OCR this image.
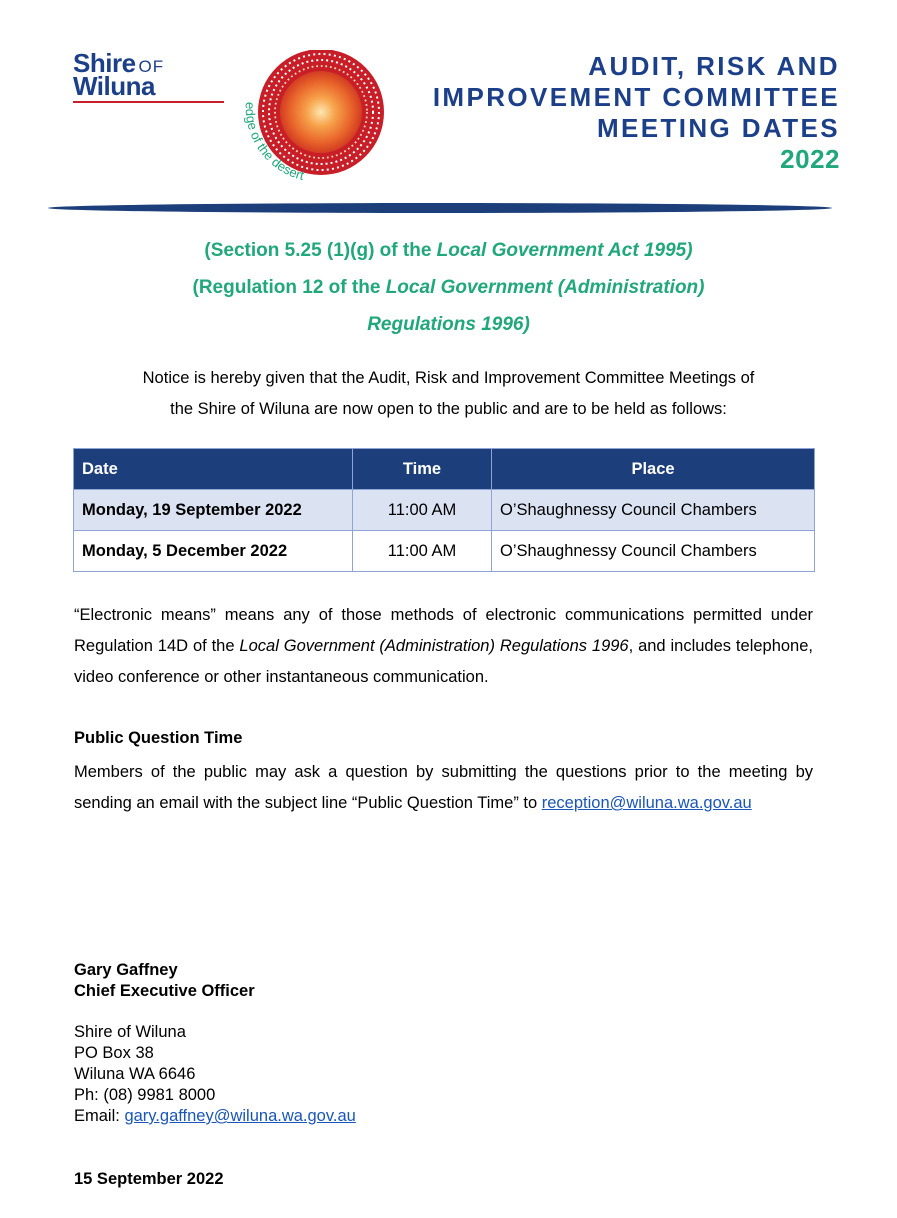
Shire OF
Wiluna
edge of the desert
AUDIT, RISK AND
IMPROVEMENT COMMITTEE
MEETING DATES
2022
(Section 5.25 (1)(g) of the Local Government Act 1995)
(Regulation 12 of the Local Government (Administration)
Regulations 1996)
Notice is hereby given that the Audit, Risk and Improvement Committee Meetings of
the Shire of Wiluna are now open to the public and are to be held as follows:
Date	Time	Place
Monday, 19 September 2022	11:00 AM	O’Shaughnessy Council Chambers
Monday, 5 December 2022	11:00 AM	O’Shaughnessy Council Chambers
“Electronic means” means any of those methods of electronic communications permitted under Regulation 14D of the Local Government (Administration) Regulations 1996, and includes telephone, video conference or other instantaneous communication.
Public Question Time
Members of the public may ask a question by submitting the questions prior to the meeting by sending an email with the subject line “Public Question Time” to reception@wiluna.wa.gov.au
Gary Gaffney
Chief Executive Officer
Shire of Wiluna
PO Box 38
Wiluna WA 6646
Ph: (08) 9981 8000
Email: gary.gaffney@wiluna.wa.gov.au
15 September 2022
